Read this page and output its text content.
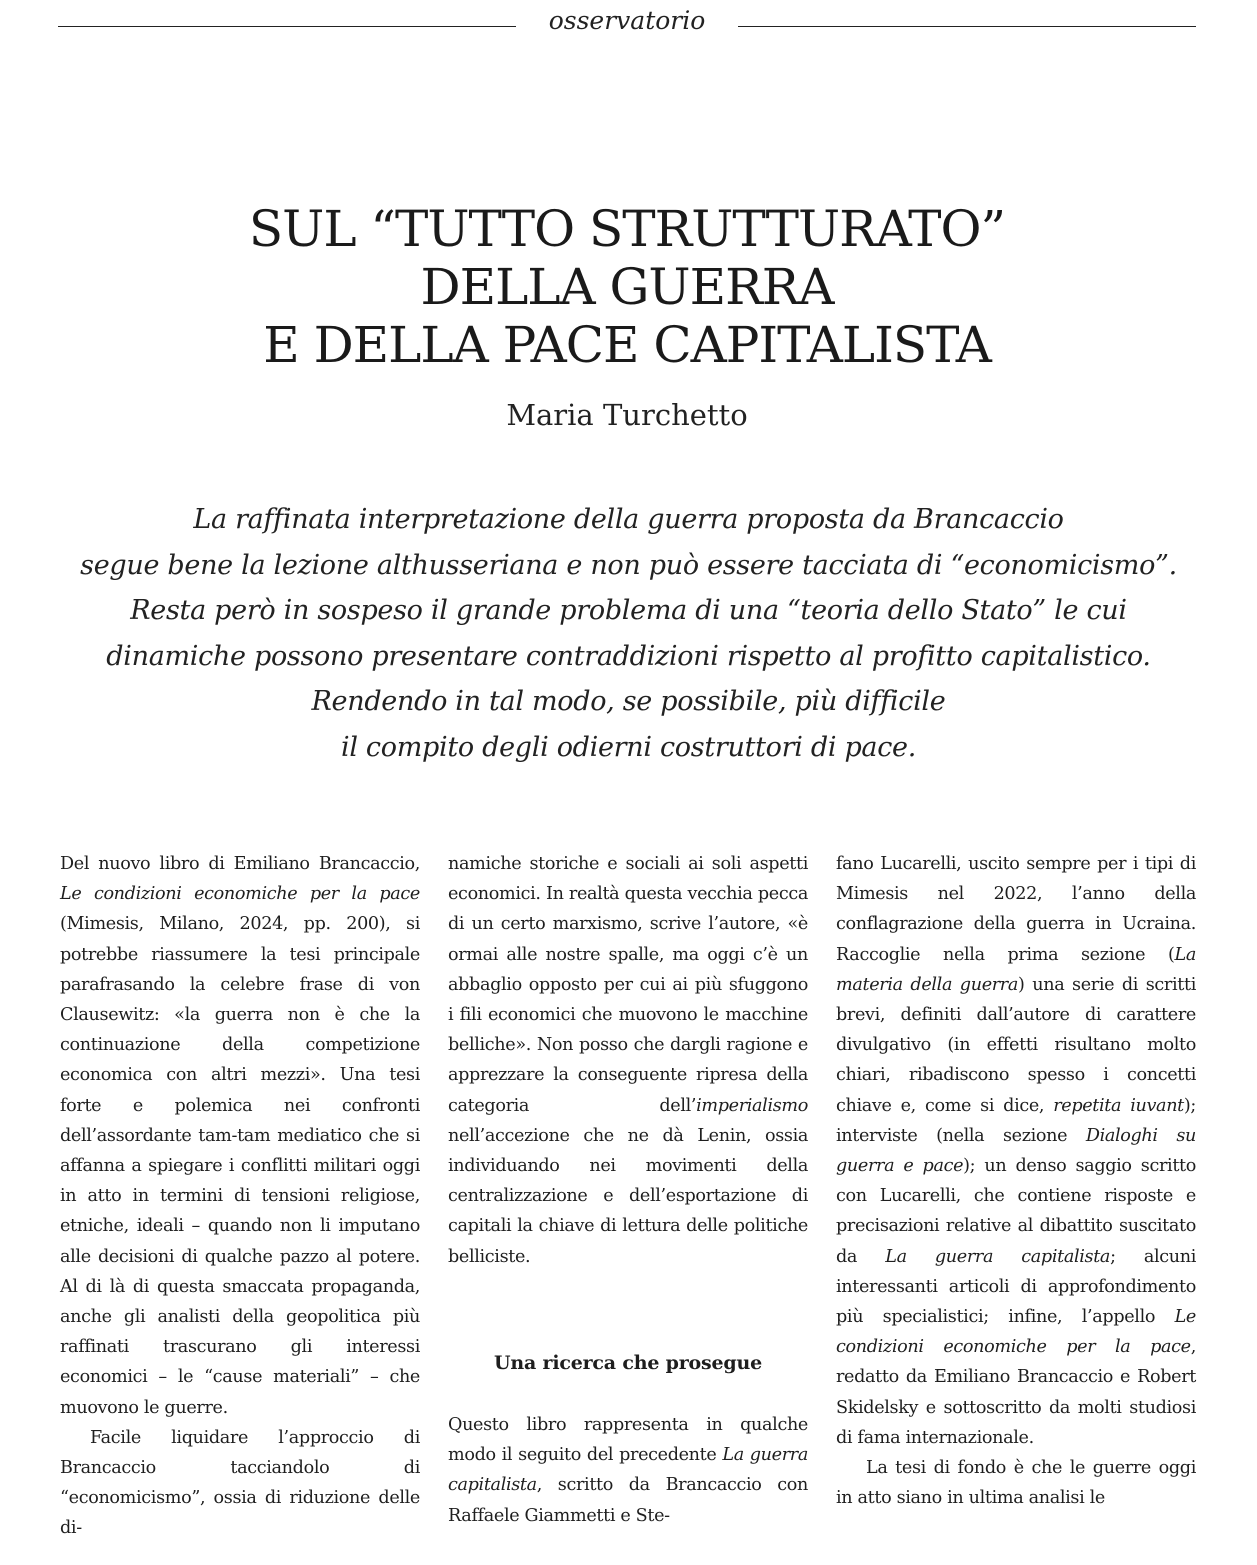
osservatorio
SUL “TUTTO STRUTTURATO”
DELLA GUERRA
E DELLA PACE CAPITALISTA
Maria Turchetto
La raffinata interpretazione della guerra proposta da Brancaccio
segue bene la lezione althusseriana e non può essere tacciata di “economicismo”.
Resta però in sospeso il grande problema di una “teoria dello Stato” le cui
dinamiche possono presentare contraddizioni rispetto al profitto capitalistico.
Rendendo in tal modo, se possibile, più difficile
il compito degli odierni costruttori di pace.

Del nuovo libro di Emiliano Brancaccio, Le condizioni economiche per la pace (Mimesis, Milano, 2024, pp. 200), si potrebbe riassumere la tesi principale parafrasando la celebre frase di von Clausewitz: «la guerra non è che la continuazione della competizione economica con altri mezzi». Una tesi forte e polemica nei confronti dell’assordante tam-tam mediatico che si affanna a spiegare i conflitti militari oggi in atto in termini di tensioni religiose, etniche, ideali – quando non li imputano alle decisioni di qualche pazzo al potere. Al di là di questa smaccata propaganda, anche gli analisti della geopolitica più raffinati trascurano gli interessi economici – le “cause materiali” – che muovono le guerre.

Facile liquidare l’approccio di Brancaccio tacciandolo di “economicismo”, ossia di riduzione delle di-

namiche storiche e sociali ai soli aspetti economici. In realtà questa vecchia pecca di un certo marxismo, scrive l’autore, «è ormai alle nostre spalle, ma oggi c’è un abbaglio opposto per cui ai più sfuggono i fili economici che muovono le macchine belliche». Non posso che dargli ragione e apprezzare la conseguente ripresa della categoria dell’imperialismo nell’accezione che ne dà Lenin, ossia individuando nei movimenti della centralizzazione e dell’esportazione di capitali la chiave di lettura delle politiche belliciste.

Una ricerca che prosegue

Questo libro rappresenta in qualche modo il seguito del precedente La guerra capitalista, scritto da Brancaccio con Raffaele Giammetti e Ste-

fano Lucarelli, uscito sempre per i tipi di Mimesis nel 2022, l’anno della conflagrazione della guerra in Ucraina. Raccoglie nella prima sezione (La materia della guerra) una serie di scritti brevi, definiti dall’autore di carattere divulgativo (in effetti risultano molto chiari, ribadiscono spesso i concetti chiave e, come si dice, repetita iuvant); interviste (nella sezione Dialoghi su guerra e pace); un denso saggio scritto con Lucarelli, che contiene risposte e precisazioni relative al dibattito suscitato da La guerra capitalista; alcuni interessanti articoli di approfondimento più specialistici; infine, l’appello Le condizioni economiche per la pace, redatto da Emiliano Brancaccio e Robert Skidelsky e sottoscritto da molti studiosi di fama internazionale.

La tesi di fondo è che le guerre oggi in atto siano in ultima analisi le
